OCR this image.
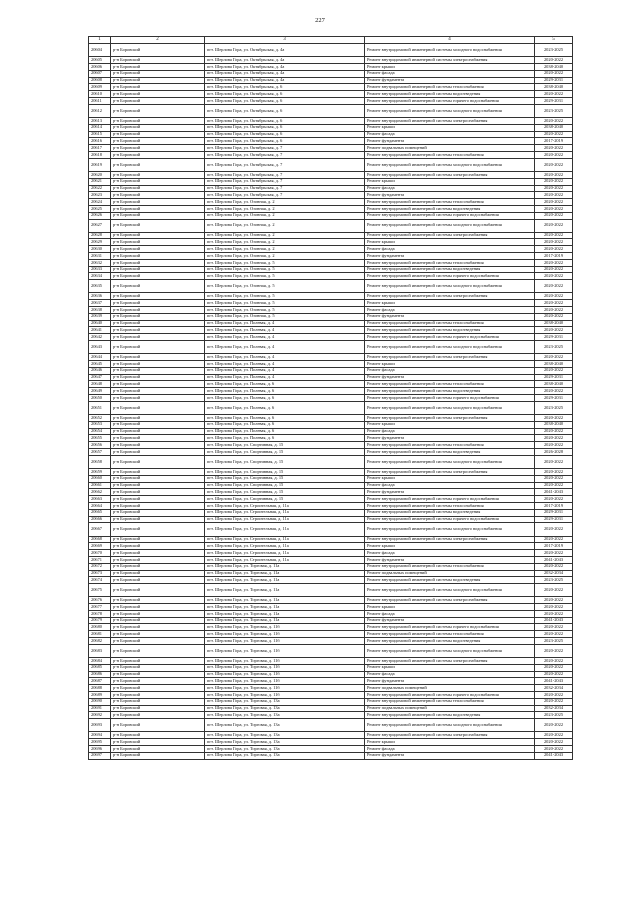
227
1	2	3	4	5
20604	р-н Боровский	пгт. Шерлова Гора, ул. Октябрьская, д. 4а	Ремонт внутридомовой инженерной системы холодного водоснабжения	2023-2025
20605	р-н Боровский	пгт. Шерлова Гора, ул. Октябрьская, д. 4а	Ремонт внутридомовой инженерной системы электроснабжения	2020-2022
20606	р-н Боровский	пгт. Шерлова Гора, ул. Октябрьская, д. 4а	Ремонт крыши	2038-2040
20607	р-н Боровский	пгт. Шерлова Гора, ул. Октябрьская, д. 4а	Ремонт фасада	2020-2022
20608	р-н Боровский	пгт. Шерлова Гора, ул. Октябрьская, д. 4а	Ремонт фундамента	2029-2031
20609	р-н Боровский	пгт. Шерлова Гора, ул. Октябрьская, д. 6	Ремонт внутридомовой инженерной системы теплоснабжения	2038-2040
20610	р-н Боровский	пгт. Шерлова Гора, ул. Октябрьская, д. 6	Ремонт внутридомовой инженерной системы водоотведения	2020-2022
20611	р-н Боровский	пгт. Шерлова Гора, ул. Октябрьская, д. 6	Ремонт внутридомовой инженерной системы горячего водоснабжения	2029-2031
20612	р-н Боровский	пгт. Шерлова Гора, ул. Октябрьская, д. 6	Ремонт внутридомовой инженерной системы холодного водоснабжения	2023-2025
20613	р-н Боровский	пгт. Шерлова Гора, ул. Октябрьская, д. 6	Ремонт внутридомовой инженерной системы электроснабжения	2020-2022
20614	р-н Боровский	пгт. Шерлова Гора, ул. Октябрьская, д. 6	Ремонт крыши	2038-2040
20615	р-н Боровский	пгт. Шерлова Гора, ул. Октябрьская, д. 6	Ремонт фасада	2020-2022
20616	р-н Боровский	пгт. Шерлова Гора, ул. Октябрьская, д. 6	Ремонт фундамента	2017-2019
20617	р-н Боровский	пгт. Шерлова Гора, ул. Октябрьская, д. 7	Ремонт подвальных помещений	2020-2022
20618	р-н Боровский	пгт. Шерлова Гора, ул. Октябрьская, д. 7	Ремонт внутридомовой инженерной системы теплоснабжения	2020-2022
20619	р-н Боровский	пгт. Шерлова Гора, ул. Октябрьская, д. 7	Ремонт внутридомовой инженерной системы холодного водоснабжения	2020-2022
20620	р-н Боровский	пгт. Шерлова Гора, ул. Октябрьская, д. 7	Ремонт внутридомовой инженерной системы электроснабжения	2020-2022
20621	р-н Боровский	пгт. Шерлова Гора, ул. Октябрьская, д. 7	Ремонт крыши	2020-2022
20622	р-н Боровский	пгт. Шерлова Гора, ул. Октябрьская, д. 7	Ремонт фасада	2020-2022
20623	р-н Боровский	пгт. Шерлова Гора, ул. Октябрьская, д. 7	Ремонт фундамента	2020-2022
20624	р-н Боровский	пгт. Шерлова Гора, ул. Озонная, д. 2	Ремонт внутридомовой инженерной системы теплоснабжения	2020-2022
20625	р-н Боровский	пгт. Шерлова Гора, ул. Озонная, д. 2	Ремонт внутридомовой инженерной системы водоотведения	2020-2022
20626	р-н Боровский	пгт. Шерлова Гора, ул. Озонная, д. 2	Ремонт внутридомовой инженерной системы горячего водоснабжения	2020-2022
20627	р-н Боровский	пгт. Шерлова Гора, ул. Озонная, д. 2	Ремонт внутридомовой инженерной системы холодного водоснабжения	2020-2022
20628	р-н Боровский	пгт. Шерлова Гора, ул. Озонная, д. 2	Ремонт внутридомовой инженерной системы электроснабжения	2020-2022
20629	р-н Боровский	пгт. Шерлова Гора, ул. Озонная, д. 2	Ремонт крыши	2020-2022
20630	р-н Боровский	пгт. Шерлова Гора, ул. Озонная, д. 2	Ремонт фасада	2020-2022
20631	р-н Боровский	пгт. Шерлова Гора, ул. Озонная, д. 2	Ремонт фундамента	2017-2019
20632	р-н Боровский	пгт. Шерлова Гора, ул. Озонная, д. 5	Ремонт внутридомовой инженерной системы теплоснабжения	2020-2022
20633	р-н Боровский	пгт. Шерлова Гора, ул. Озонная, д. 5	Ремонт внутридомовой инженерной системы водоотведения	2020-2022
20634	р-н Боровский	пгт. Шерлова Гора, ул. Озонная, д. 5	Ремонт внутридомовой инженерной системы горячего водоснабжения	2020-2022
20635	р-н Боровский	пгт. Шерлова Гора, ул. Озонная, д. 5	Ремонт внутридомовой инженерной системы холодного водоснабжения	2020-2022
20636	р-н Боровский	пгт. Шерлова Гора, ул. Озонная, д. 5	Ремонт внутридомовой инженерной системы электроснабжения	2020-2022
20637	р-н Боровский	пгт. Шерлова Гора, ул. Озонная, д. 5	Ремонт крыши	2020-2022
20638	р-н Боровский	пгт. Шерлова Гора, ул. Озонная, д. 5	Ремонт фасада	2020-2022
20639	р-н Боровский	пгт. Шерлова Гора, ул. Озонная, д. 5	Ремонт фундамента	2020-2022
20640	р-н Боровский	пгт. Шерлова Гора, ул. Полевая, д. 4	Ремонт внутридомовой инженерной системы теплоснабжения	2038-2040
20641	р-н Боровский	пгт. Шерлова Гора, ул. Полевая, д. 4	Ремонт внутридомовой инженерной системы водоотведения	2020-2022
20642	р-н Боровский	пгт. Шерлова Гора, ул. Полевая, д. 4	Ремонт внутридомовой инженерной системы горячего водоснабжения	2029-2031
20643	р-н Боровский	пгт. Шерлова Гора, ул. Полевая, д. 4	Ремонт внутридомовой инженерной системы холодного водоснабжения	2023-2025
20644	р-н Боровский	пгт. Шерлова Гора, ул. Полевая, д. 4	Ремонт внутридомовой инженерной системы электроснабжения	2020-2022
20645	р-н Боровский	пгт. Шерлова Гора, ул. Полевая, д. 4	Ремонт крыши	2038-2040
20646	р-н Боровский	пгт. Шерлова Гора, ул. Полевая, д. 4	Ремонт фасада	2020-2022
20647	р-н Боровский	пгт. Шерлова Гора, ул. Полевая, д. 4	Ремонт фундамента	2029-2031
20648	р-н Боровский	пгт. Шерлова Гора, ул. Полевая, д. 6	Ремонт внутридомовой инженерной системы теплоснабжения	2038-2040
20649	р-н Боровский	пгт. Шерлова Гора, ул. Полевая, д. 6	Ремонт внутридомовой инженерной системы водоотведения	2020-2022
20650	р-н Боровский	пгт. Шерлова Гора, ул. Полевая, д. 6	Ремонт внутридомовой инженерной системы горячего водоснабжения	2029-2031
20651	р-н Боровский	пгт. Шерлова Гора, ул. Полевая, д. 6	Ремонт внутридомовой инженерной системы холодного водоснабжения	2023-2025
20652	р-н Боровский	пгт. Шерлова Гора, ул. Полевая, д. 6	Ремонт внутридомовой инженерной системы электроснабжения	2020-2022
20653	р-н Боровский	пгт. Шерлова Гора, ул. Полевая, д. 6	Ремонт крыши	2038-2040
20654	р-н Боровский	пгт. Шерлова Гора, ул. Полевая, д. 6	Ремонт фасада	2020-2022
20655	р-н Боровский	пгт. Шерлова Гора, ул. Полевая, д. 6	Ремонт фундамента	2020-2022
20656	р-н Боровский	пгт. Шерлова Гора, ул. Спортивная, д. 15	Ремонт внутридомовой инженерной системы теплоснабжения	2020-2022
20657	р-н Боровский	пгт. Шерлова Гора, ул. Спортивная, д. 15	Ремонт внутридомовой инженерной системы водоотведения	2026-2028
20658	р-н Боровский	пгт. Шерлова Гора, ул. Спортивная, д. 15	Ремонт внутридомовой инженерной системы холодного водоснабжения	2020-2022
20659	р-н Боровский	пгт. Шерлова Гора, ул. Спортивная, д. 15	Ремонт внутридомовой инженерной системы электроснабжения	2020-2022
20660	р-н Боровский	пгт. Шерлова Гора, ул. Спортивная, д. 15	Ремонт крыши	2020-2022
20661	р-н Боровский	пгт. Шерлова Гора, ул. Спортивная, д. 15	Ремонт фасада	2020-2022
20662	р-н Боровский	пгт. Шерлова Гора, ул. Спортивная, д. 15	Ремонт фундамента	2041-2043
20663	р-н Боровский	пгт. Шерлова Гора, ул. Спортивная, д. 15	Ремонт внутридомовой инженерной системы горячего водоснабжения	2020-2022
20664	р-н Боровский	пгт. Шерлова Гора, ул. Строительная, д. 11а	Ремонт внутридомовой инженерной системы теплоснабжения	2017-2019
20665	р-н Боровский	пгт. Шерлова Гора, ул. Строительная, д. 11а	Ремонт внутридомовой инженерной системы водоотведения	2029-2031
20666	р-н Боровский	пгт. Шерлова Гора, ул. Строительная, д. 11а	Ремонт внутридомовой инженерной системы горячего водоснабжения	2029-2031
20667	р-н Боровский	пгт. Шерлова Гора, ул. Строительная, д. 11а	Ремонт внутридомовой инженерной системы холодного водоснабжения	2020-2022
20668	р-н Боровский	пгт. Шерлова Гора, ул. Строительная, д. 11а	Ремонт внутридомовой инженерной системы электроснабжения	2020-2022
20669	р-н Боровский	пгт. Шерлова Гора, ул. Строительная, д. 11а	Ремонт крыши	2017-2019
20670	р-н Боровский	пгт. Шерлова Гора, ул. Строительная, д. 11а	Ремонт фасада	2020-2022
20671	р-н Боровский	пгт. Шерлова Гора, ул. Строительная, д. 11а	Ремонт фундамента	2041-2043
20672	р-н Боровский	пгт. Шерлова Гора, ул. Торговая, д. 11а	Ремонт внутридомовой инженерной системы теплоснабжения	2020-2022
20673	р-н Боровский	пгт. Шерлова Гора, ул. Торговая, д. 11а	Ремонт подвальных помещений	2032-2034
20674	р-н Боровский	пгт. Шерлова Гора, ул. Торговая, д. 11а	Ремонт внутридомовой инженерной системы водоотведения	2023-2025
20675	р-н Боровский	пгт. Шерлова Гора, ул. Торговая, д. 11а	Ремонт внутридомовой инженерной системы холодного водоснабжения	2020-2022
20676	р-н Боровский	пгт. Шерлова Гора, ул. Торговая, д. 11а	Ремонт внутридомовой инженерной системы электроснабжения	2020-2022
20677	р-н Боровский	пгт. Шерлова Гора, ул. Торговая, д. 11а	Ремонт крыши	2020-2022
20678	р-н Боровский	пгт. Шерлова Гора, ул. Торговая, д. 11а	Ремонт фасада	2020-2022
20679	р-н Боровский	пгт. Шерлова Гора, ул. Торговая, д. 11а	Ремонт фундамента	2041-2043
20680	р-н Боровский	пгт. Шерлова Гора, ул. Торговая, д. 11б	Ремонт внутридомовой инженерной системы горячего водоснабжения	2020-2022
20681	р-н Боровский	пгт. Шерлова Гора, ул. Торговая, д. 11б	Ремонт внутридомовой инженерной системы теплоснабжения	2020-2022
20682	р-н Боровский	пгт. Шерлова Гора, ул. Торговая, д. 11б	Ремонт внутридомовой инженерной системы водоотведения	2023-2025
20683	р-н Боровский	пгт. Шерлова Гора, ул. Торговая, д. 11б	Ремонт внутридомовой инженерной системы холодного водоснабжения	2020-2022
20684	р-н Боровский	пгт. Шерлова Гора, ул. Торговая, д. 11б	Ремонт внутридомовой инженерной системы электроснабжения	2020-2022
20685	р-н Боровский	пгт. Шерлова Гора, ул. Торговая, д. 11б	Ремонт крыши	2020-2022
20686	р-н Боровский	пгт. Шерлова Гора, ул. Торговая, д. 11б	Ремонт фасада	2020-2022
20687	р-н Боровский	пгт. Шерлова Гора, ул. Торговая, д. 11б	Ремонт фундамента	2041-2043
20688	р-н Боровский	пгт. Шерлова Гора, ул. Торговая, д. 11б	Ремонт подвальных помещений	2032-2034
20689	р-н Боровский	пгт. Шерлова Гора, ул. Торговая, д. 11б	Ремонт внутридомовой инженерной системы горячего водоснабжения	2020-2022
20690	р-н Боровский	пгт. Шерлова Гора, ул. Торговая, д. 13а	Ремонт внутридомовой инженерной системы теплоснабжения	2020-2022
20691	р-н Боровский	пгт. Шерлова Гора, ул. Торговая, д. 13а	Ремонт подвальных помещений	2032-2034
20692	р-н Боровский	пгт. Шерлова Гора, ул. Торговая, д. 13а	Ремонт внутридомовой инженерной системы водоотведения	2023-2025
20693	р-н Боровский	пгт. Шерлова Гора, ул. Торговая, д. 13а	Ремонт внутридомовой инженерной системы холодного водоснабжения	2020-2022
20694	р-н Боровский	пгт. Шерлова Гора, ул. Торговая, д. 13а	Ремонт внутридомовой инженерной системы электроснабжения	2020-2022
20695	р-н Боровский	пгт. Шерлова Гора, ул. Торговая, д. 13а	Ремонт крыши	2020-2022
20696	р-н Боровский	пгт. Шерлова Гора, ул. Торговая, д. 13а	Ремонт фасада	2020-2022
20697	р-н Боровский	пгт. Шерлова Гора, ул. Торговая, д. 13а	Ремонт фундамента	2041-2043
